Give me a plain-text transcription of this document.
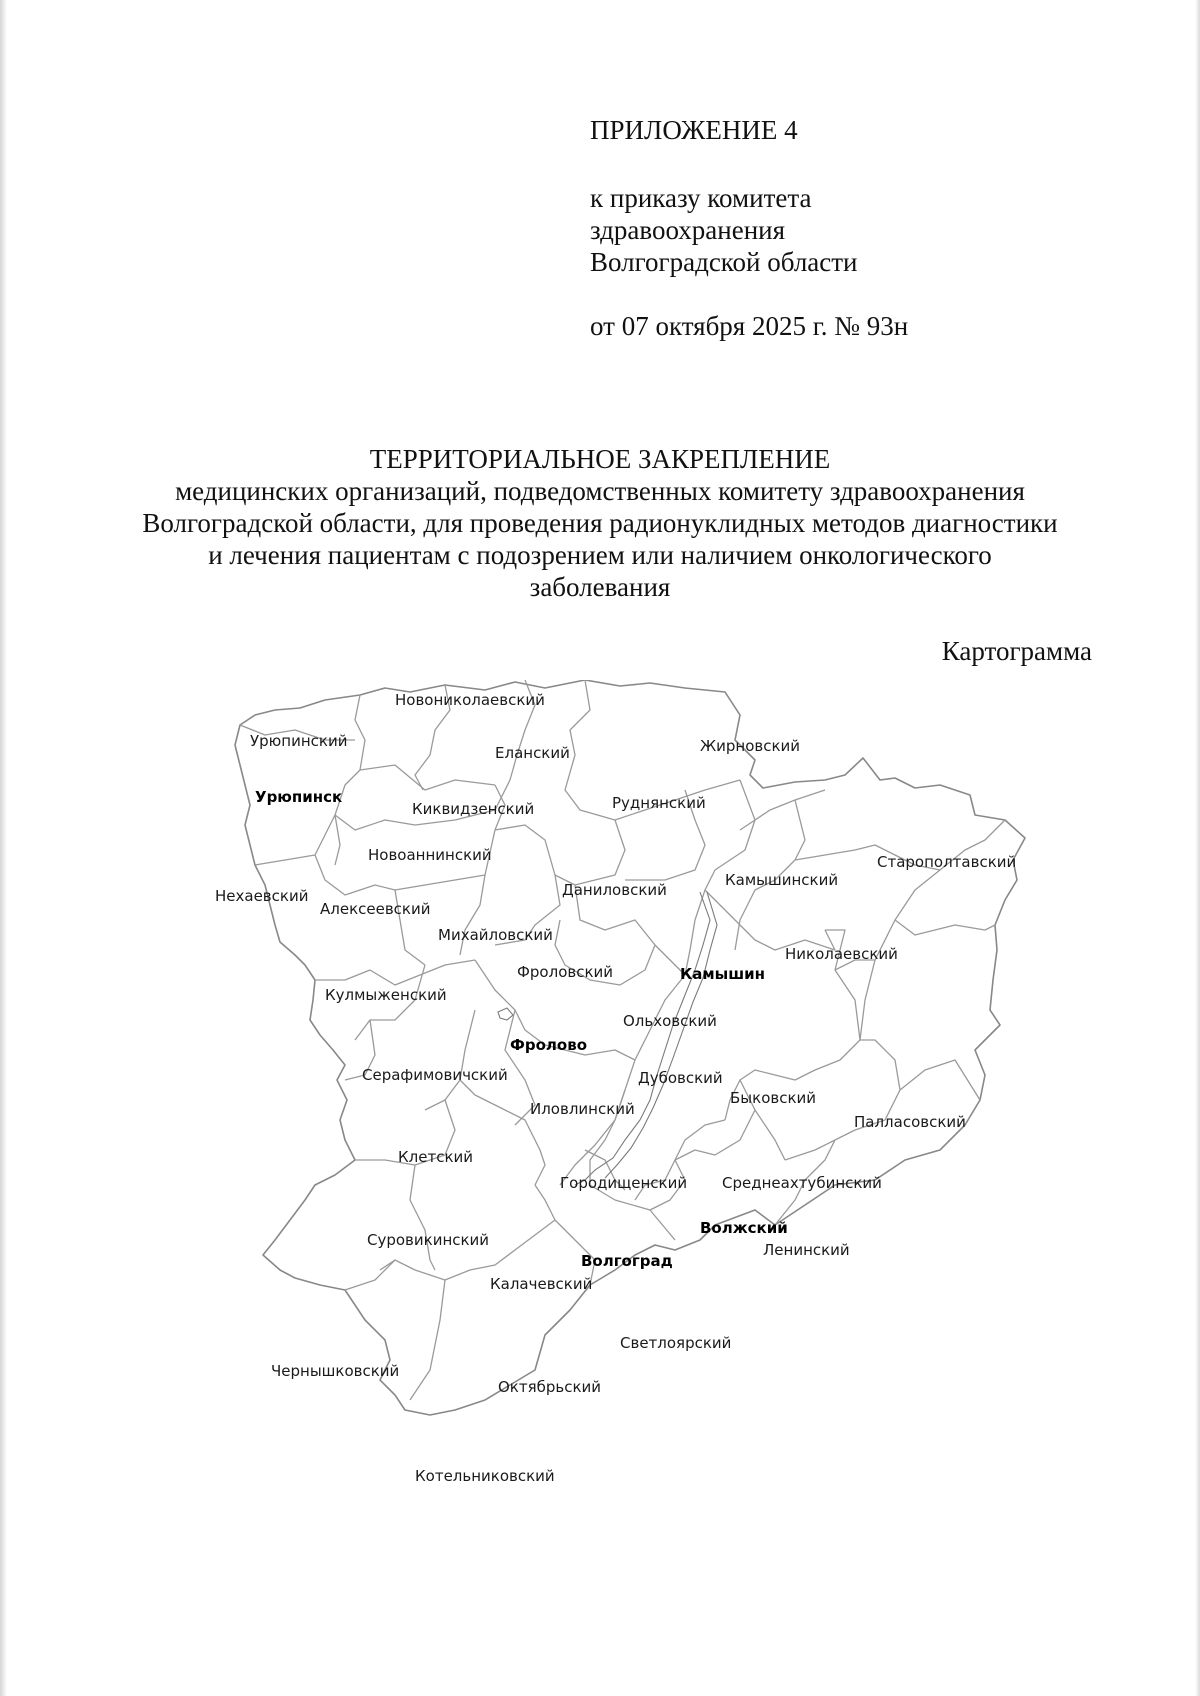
ПРИЛОЖЕНИЕ 4
к приказу комитета
здравоохранения
Волгоградской области
от 07 октября 2025 г. № 93н
ТЕРРИТОРИАЛЬНОЕ ЗАКРЕПЛЕНИЕ
медицинских организаций, подведомственных комитету здравоохранения
Волгоградской области, для проведения радионуклидных методов диагностики
и лечения пациентам с подозрением или наличием онкологического
заболевания
Картограмма
Новониколаевский
Урюпинский
Еланский	Жирновский
Киквидзенский	Руднянский
Новоаннинский	Старополтавский
Нехаевский
Алексеевский
Даниловский
Камышинский
Михайловский
Николаевский
Фроловский
Кулмыженский
Ольховский
Серафимовичский	Дубовский
Быковский
Иловлинский
Палласовский
Клетский
Городищенский Среднеахтубинский
Суровикинский
Ленинский
Калачевский
Светлоярский
Чернышковский
Октябрьский
Котельниковский
Урюпинск
Камышин
Фролово
Волжский
Волгоград
